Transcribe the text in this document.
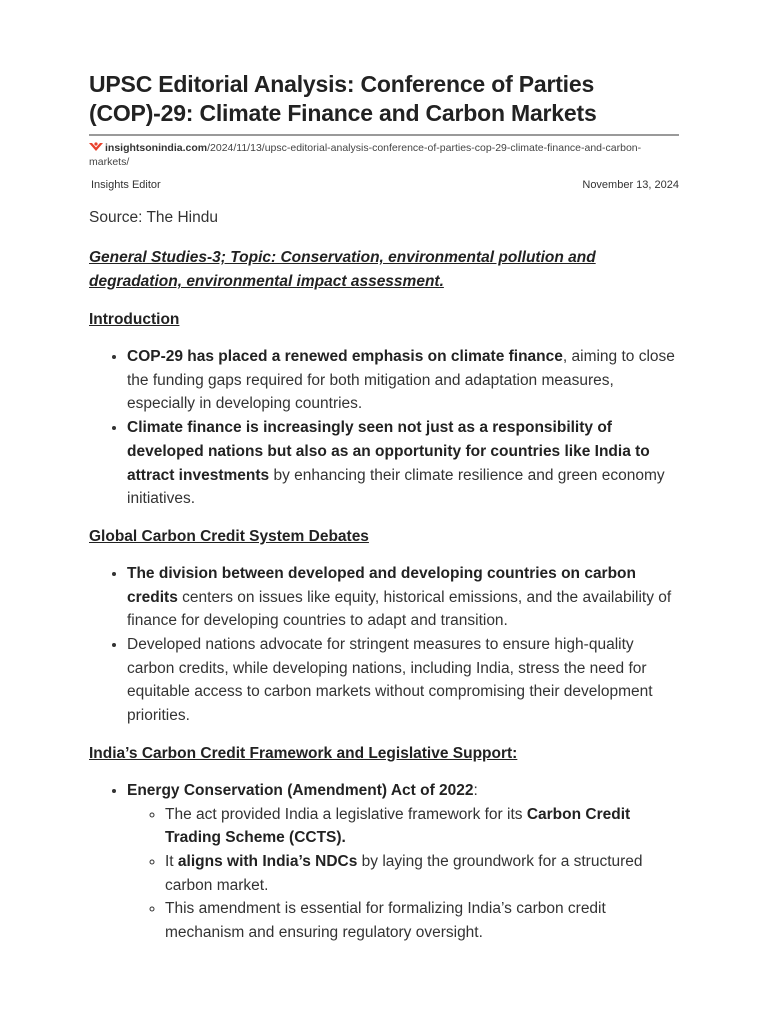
UPSC Editorial Analysis: Conference of Parties (COP)-29: Climate Finance and Carbon Markets
insightsonindia.com/2024/11/13/upsc-editorial-analysis-conference-of-parties-cop-29-climate-finance-and-carbon-markets/
Insights Editor	November 13, 2024

Source: The Hindu

General Studies-3; Topic: Conservation, environmental pollution and degradation, environmental impact assessment.

Introduction

• COP-29 has placed a renewed emphasis on climate finance, aiming to close the funding gaps required for both mitigation and adaptation measures, especially in developing countries.
• Climate finance is increasingly seen not just as a responsibility of developed nations but also as an opportunity for countries like India to attract investments by enhancing their climate resilience and green economy initiatives.

Global Carbon Credit System Debates

• The division between developed and developing countries on carbon credits centers on issues like equity, historical emissions, and the availability of finance for developing countries to adapt and transition.
• Developed nations advocate for stringent measures to ensure high-quality carbon credits, while developing nations, including India, stress the need for equitable access to carbon markets without compromising their development priorities.

India’s Carbon Credit Framework and Legislative Support:

• Energy Conservation (Amendment) Act of 2022:
◦ The act provided India a legislative framework for its Carbon Credit Trading Scheme (CCTS).
◦ It aligns with India’s NDCs by laying the groundwork for a structured carbon market.
◦ This amendment is essential for formalizing India’s carbon credit mechanism and ensuring regulatory oversight.
